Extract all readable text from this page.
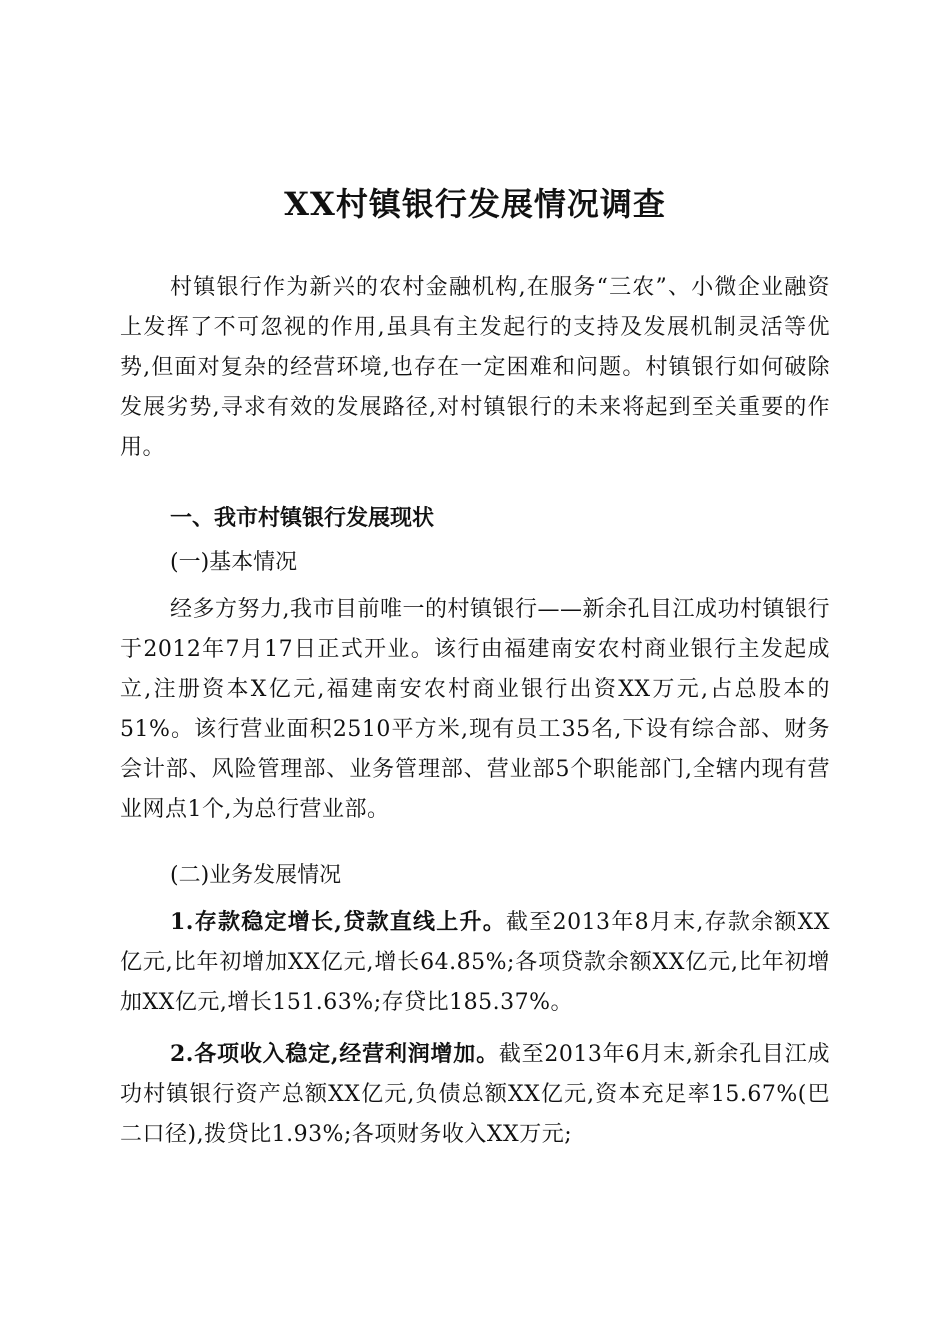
XX村镇银行发展情况调查

村镇银行作为新兴的农村金融机构,在服务“三农”、小微企业融资上发挥了不可忽视的作用,虽具有主发起行的支持及发展机制灵活等优势,但面对复杂的经营环境,也存在一定困难和问题。村镇银行如何破除发展劣势,寻求有效的发展路径,对村镇银行的未来将起到至关重要的作用。

一、我市村镇银行发展现状
(一)基本情况

经多方努力,我市目前唯一的村镇银行——新余孔目江成功村镇银行于2012年7月17日正式开业。该行由福建南安农村商业银行主发起成立,注册资本X亿元,福建南安农村商业银行出资XX万元,占总股本的51%。该行营业面积2510平方米,现有员工35名,下设有综合部、财务会计部、风险管理部、业务管理部、营业部5个职能部门,全辖内现有营业网点1个,为总行营业部。

(二)业务发展情况

1.存款稳定增长,贷款直线上升。截至2013年8月末,存款余额XX亿元,比年初增加XX亿元,增长64.85%;各项贷款余额XX亿元,比年初增加XX亿元,增长151.63%;存贷比185.37%。

2.各项收入稳定,经营利润增加。截至2013年6月末,新余孔目江成功村镇银行资产总额XX亿元,负债总额XX亿元,资本充足率15.67%(巴二口径),拨贷比1.93%;各项财务收入XX万元;
